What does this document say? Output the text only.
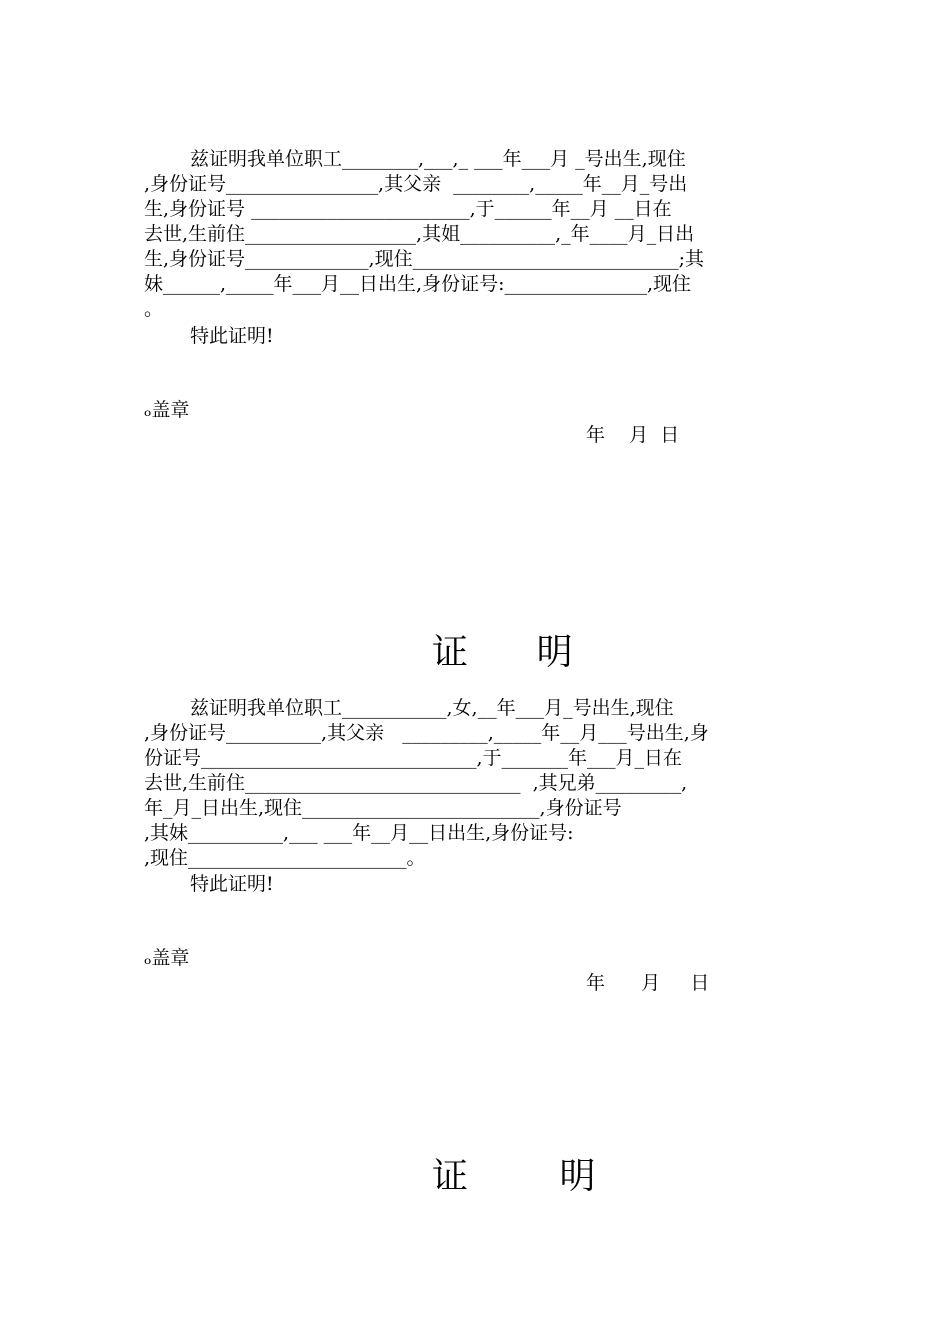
兹证明我单位职工________,___,_ ___年___月 _号出生,现住

,身份证号________________,其父亲  ________,_____年__月_号出

生,身份证号 _______________________,于______年__月 __日在

去世,生前住__________________,其姐__________,_年____月_日出

生,身份证号_____________,现住____________________________;其

妹______,_____年___月__日出生,身份证号:_______________,现住

。

特此证明!

ₒ盖章

年    月  日

证      明

兹证明我单位职工___________,女,__年___月_号出生,现住

,身份证号__________,其父亲   _________,_____年__月___号出生,身

份证号_____________________________,于_______年___月_日在

去世,生前住_____________________________  ,其兄弟_________,

年_月_日出生,现住_________________________,身份证号

,其妹__________,___ ___年__月__日出生,身份证号:

,现住_______________________。

特此证明!

ₒ盖章

年      月     日

证        明
